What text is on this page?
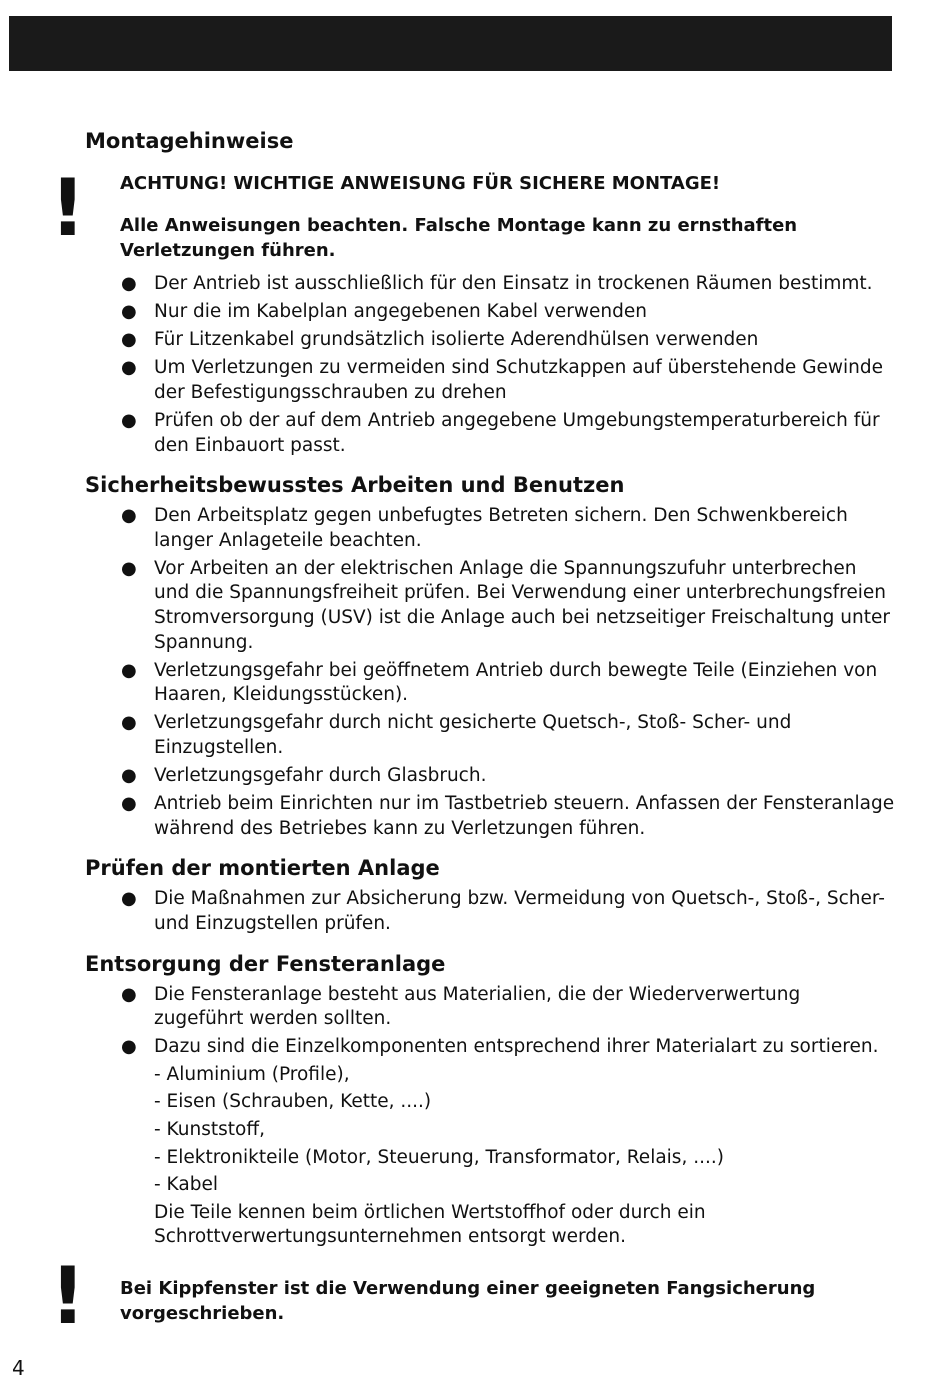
!
Montagehinweise

ACHTUNG! WICHTIGE ANWEISUNG FÜR SICHERE MONTAGE!

Alle Anweisungen beachten. Falsche Montage kann zu ernsthaften Verletzungen führen.

● Der Antrieb ist ausschließlich für den Einsatz in trockenen Räumen bestimmt.
● Nur die im Kabelplan angegebenen Kabel verwenden
● Für Litzenkabel grundsätzlich isolierte Aderendhülsen verwenden
● Um Verletzungen zu vermeiden sind Schutzkappen auf überstehende Gewinde der Befestigungsschrauben zu drehen
● Prüfen ob der auf dem Antrieb angegebene Umgebungstemperaturbereich für den Einbauort passt.
Sicherheitsbewusstes Arbeiten und Benutzen
● Den Arbeitsplatz gegen unbefugtes Betreten sichern. Den Schwenkbereich langer Anlageteile beachten.
● Vor Arbeiten an der elektrischen Anlage die Spannungszufuhr unterbrechen und die Spannungsfreiheit prüfen. Bei Verwendung einer unterbrechungsfreien Stromversorgung (USV) ist die Anlage auch bei netzseitiger Freischaltung unter Spannung.
● Verletzungsgefahr bei geöffnetem Antrieb durch bewegte Teile (Einziehen von Haaren, Kleidungsstücken).
● Verletzungsgefahr durch nicht gesicherte Quetsch-, Stoß- Scher- und Einzugstellen.
● Verletzungsgefahr durch Glasbruch.
● Antrieb beim Einrichten nur im Tastbetrieb steuern. Anfassen der Fensteranlage während des Betriebes kann zu Verletzungen führen.
Prüfen der montierten Anlage
● Die Maßnahmen zur Absicherung bzw. Vermeidung von Quetsch-, Stoß-, Scher- und Einzugstellen prüfen.
Entsorgung der Fensteranlage
● Die Fensteranlage besteht aus Materialien, die der Wiederverwertung zugeführt werden sollten.
● Dazu sind die Einzelkomponenten entsprechend ihrer Materialart zu sortieren.
- Aluminium (Profile),
- Eisen (Schrauben, Kette, ....)
- Kunststoff,
- Elektronikteile (Motor, Steuerung, Transformator, Relais, ....)
- Kabel
Die Teile kennen beim örtlichen Wertstoffhof oder durch ein Schrottverwertungsunternehmen entsorgt werden.
! Bei Kippfenster ist die Verwendung einer geeigneten Fangsicherung vorgeschrieben.
4
